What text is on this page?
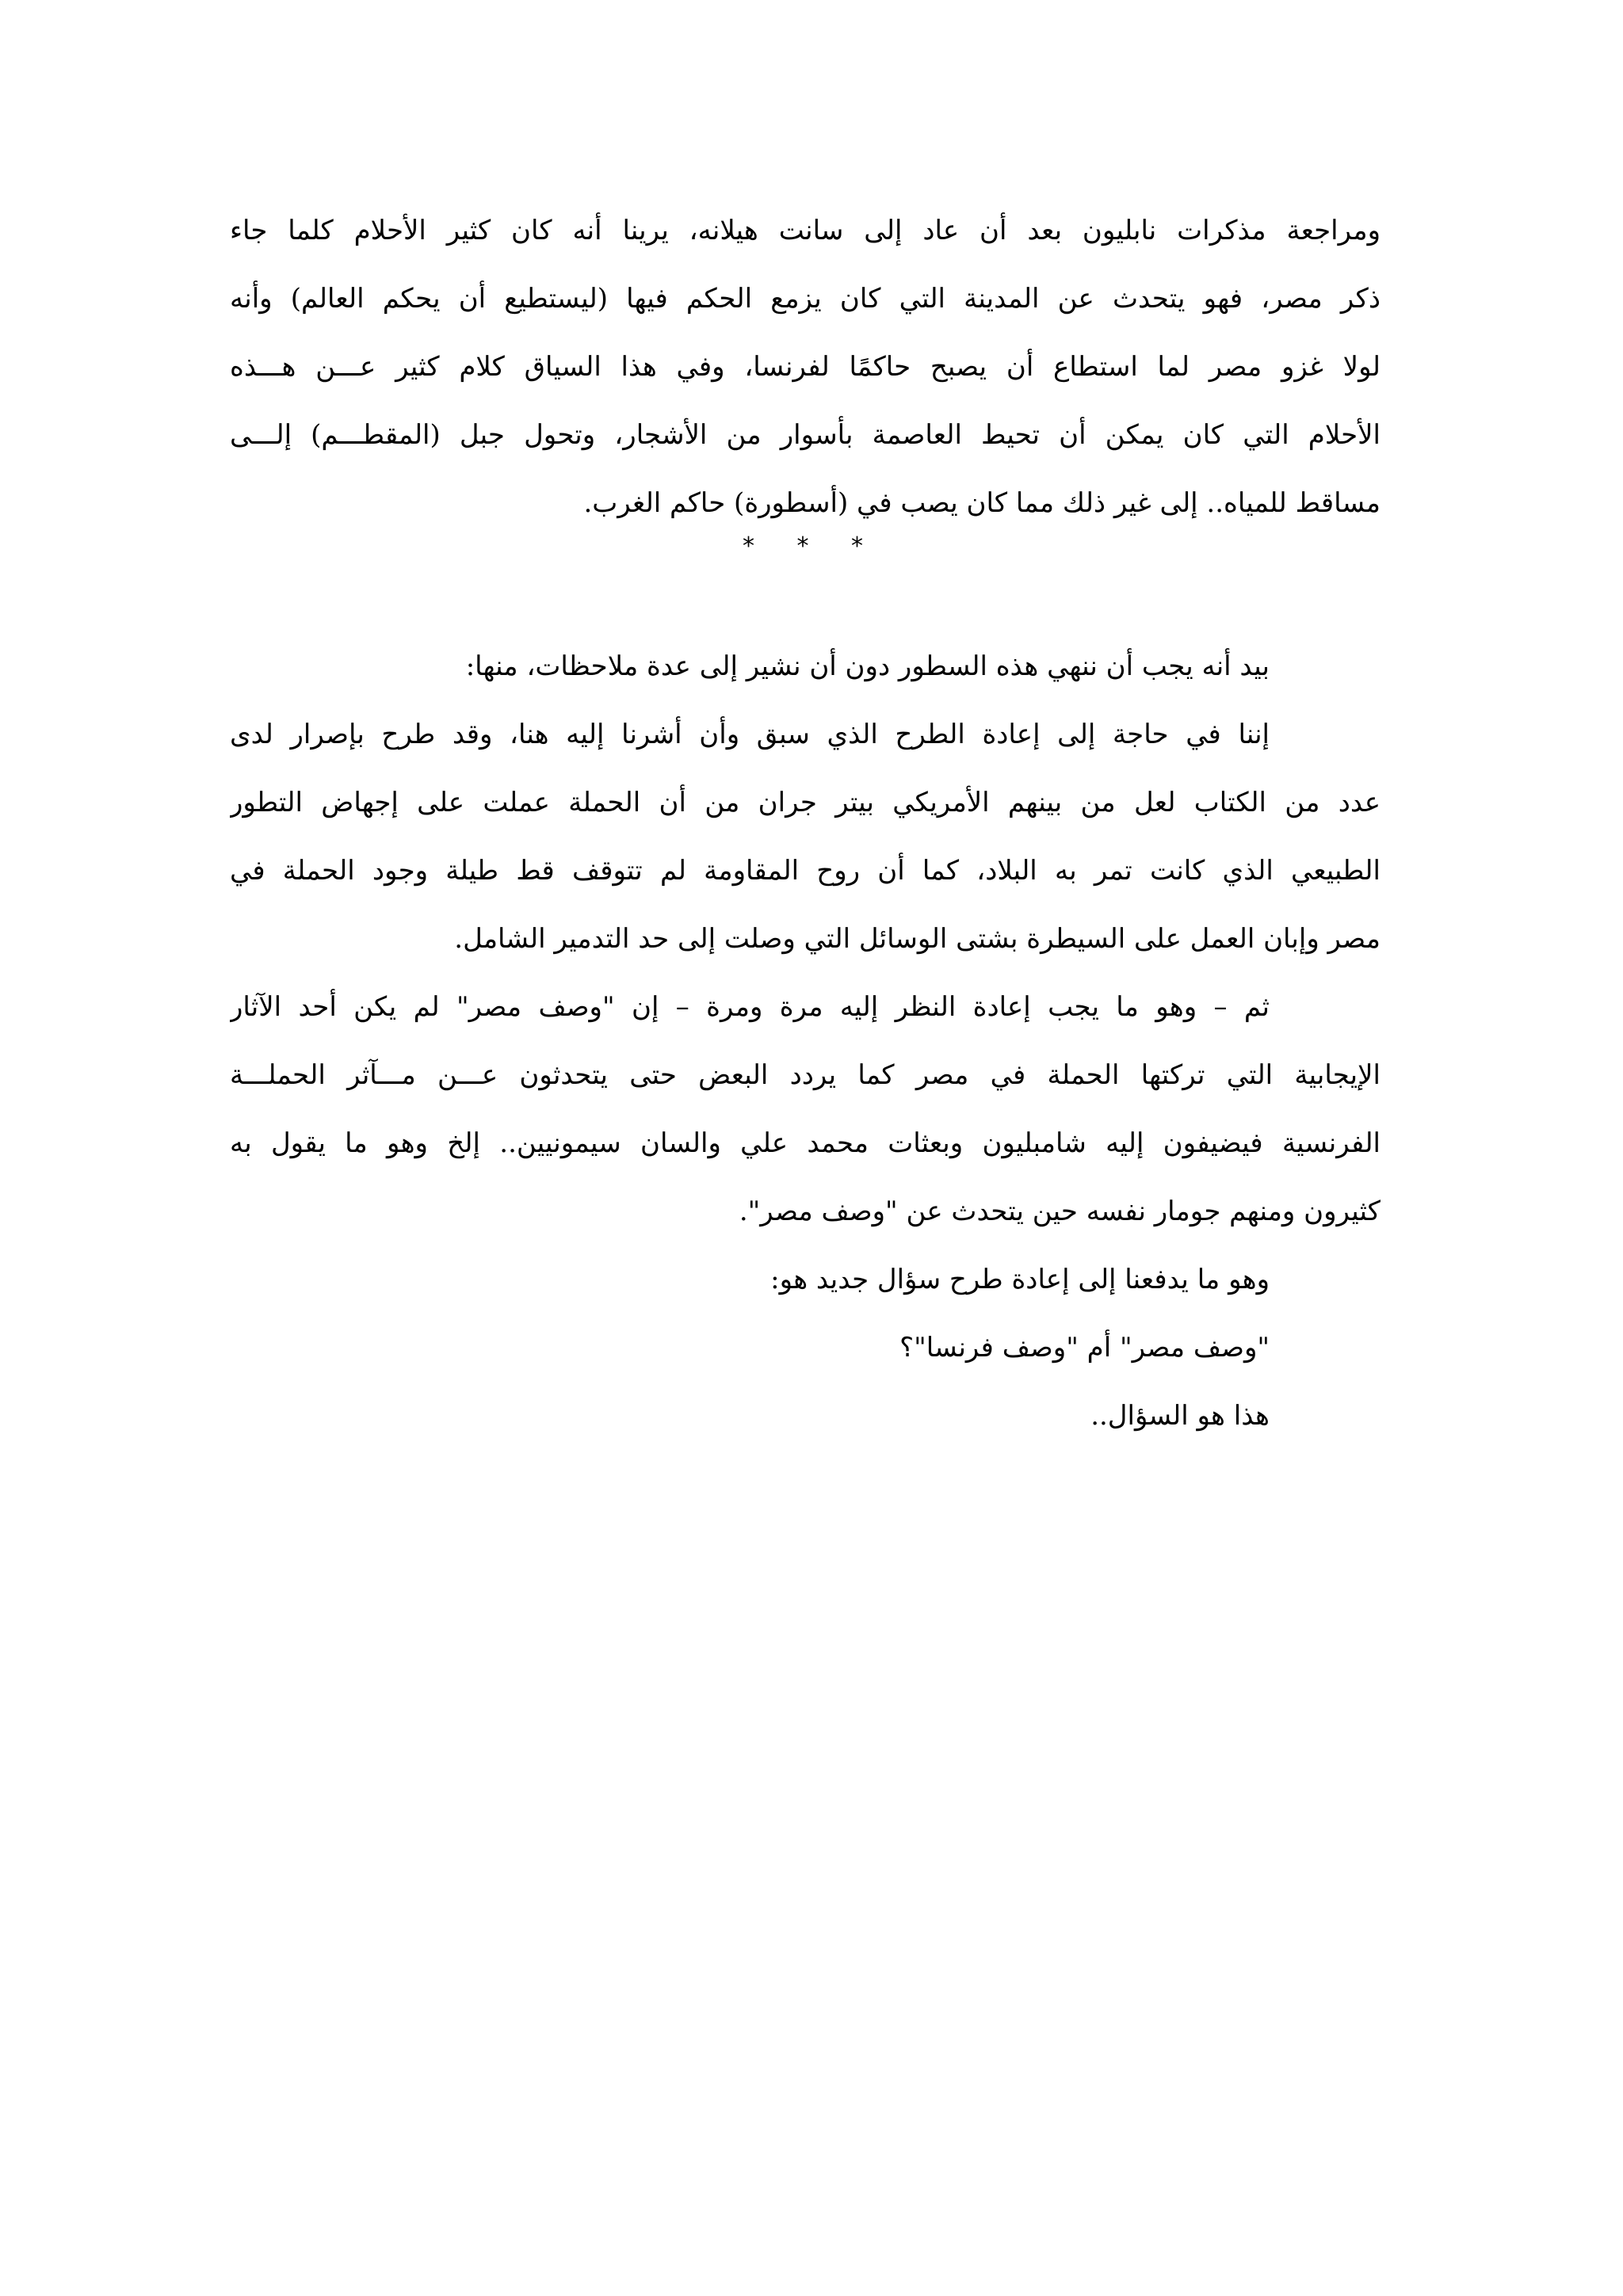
ومراجعة مذكرات نابليون بعد أن عاد إلى سانت هيلانه، يرينا أنه كان كثير الأحلام كلما جاء
ذكر مصر، فهو يتحدث عن المدينة التي كان يزمع الحكم فيها (ليستطيع أن يحكم العالم) وأنه
لولا غزو مصر لما استطاع أن يصبح حاكمًا لفرنسا، وفي هذا السياق كلام كثير عـــن هـــذه
الأحلام التي كان يمكن أن تحيط العاصمة بأسوار من الأشجار، وتحول جبل (المقطـــم) إلـــى
مساقط للمياه.. إلى غير ذلك مما كان يصب في (أسطورة) حاكم الغرب.

* * *

بيد أنه يجب أن ننهي هذه السطور دون أن نشير إلى عدة ملاحظات، منها:

إننا في حاجة إلى إعادة الطرح الذي سبق وأن أشرنا إليه هنا، وقد طرح بإصرار لدى
عدد من الكتاب لعل من بينهم الأمريكي بيتر جران من أن الحملة عملت على إجهاض التطور
الطبيعي الذي كانت تمر به البلاد، كما أن روح المقاومة لم تتوقف قط طيلة وجود الحملة في
مصر وإبان العمل على السيطرة بشتى الوسائل التي وصلت إلى حد التدمير الشامل.

ثم – وهو ما يجب إعادة النظر إليه مرة ومرة – إن "وصف مصر" لم يكن أحد الآثار
الإيجابية التي تركتها الحملة في مصر كما يردد البعض حتى يتحدثون عـــن مـــآثر الحملـــة
الفرنسية فيضيفون إليه شامبليون وبعثات محمد علي والسان سيمونيين.. إلخ وهو ما يقول به
كثيرون ومنهم جومار نفسه حين يتحدث عن "وصف مصر".

وهو ما يدفعنا إلى إعادة طرح سؤال جديد هو:

"وصف مصر" أم "وصف فرنسا"؟

هذا هو السؤال..
